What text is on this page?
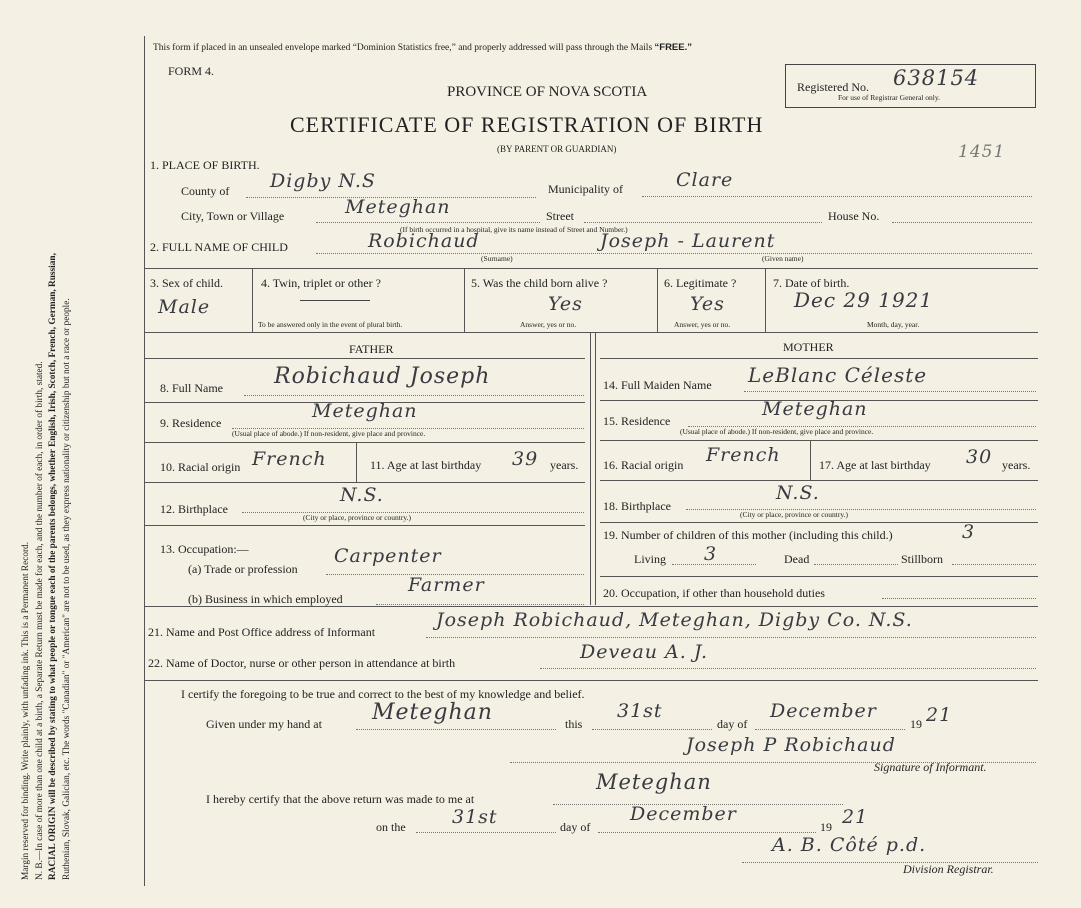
Margin reserved for binding. Write plainly, with unfading ink. This is a Permanent Record. N. B.—In case of more than one child at a birth, a Separate Return must be made for each, and the number of each, in order of birth, stated. RACIAL ORIGIN will be described by stating to what people or tongue each of the parents belongs, whether English, Irish, Scotch, French, German, Russian, Ruthenian, Slovak, Galician, etc. The words "Canadian" or "American" are not to be used, as they express nationality or citizenship but not a race or people.
This form if placed in an unsealed envelope marked “Dominion Statistics free,” and properly addressed will pass through the Mails “FREE.”
FORM 4.
PROVINCE OF NOVA SCOTIA
CERTIFICATE OF REGISTRATION OF BIRTH
(BY PARENT OR GUARDIAN)
Registered No. 638154
For use of Registrar General only.
1451
1. PLACE OF BIRTH.
County of Digby N.S	Municipality of	Clare
City, Town or Village	Meteghan	Street	House No.
(If birth occurred in a hospital, give its name instead of Street and Number.)
2. FULL NAME OF CHILD	Robichaud	Joseph - Laurent
(Surname)	(Given name)
3. Sex of child.
Male
4. Twin, triplet or other ?
To be answered only in the event of plural birth.
5. Was the child born alive ?
Yes
Answer, yes or no.
6. Legitimate ?
Yes
Answer, yes or no.
7. Date of birth.
Dec 29 1921
Month, day, year.
FATHER	MOTHER
8. Full Name Robichaud Joseph
9. Residence
Meteghan
(Usual place of abode.) If non-resident, give place and province.
10. Racial origin French	11. Age at last birthday 39 years.
12. Birthplace
N.S.
(City or place, province or country.)
13. Occupation:—
(a) Trade or profession
Carpenter
(b) Business in which employed
Farmer
14. Full Maiden Name LeBlanc Céleste
15. Residence
Meteghan
(Usual place of abode.) If non-resident, give place and province.
16. Racial origin French	17. Age at last birthday 30 years.
18. Birthplace
N.S.
(City or place, province or country.)
19. Number of children of this mother (including this child.)	3
Living 3	Dead	Stillborn
20. Occupation, if other than household duties
21. Name and Post Office address of Informant
Joseph Robichaud, Meteghan, Digby Co. N.S.
22. Name of Doctor, nurse or other person in attendance at birth	Deveau A. J.
I certify the foregoing to be true and correct to the best of my knowledge and belief.
Given under my hand at Meteghan	this
31st
day of
December
19 21
Joseph P Robichaud
Signature of Informant.
I hereby certify that the above return was made to me at
Meteghan
on the 31st	day of
December
19 21
A. B. Côté p.d.
Division Registrar.
